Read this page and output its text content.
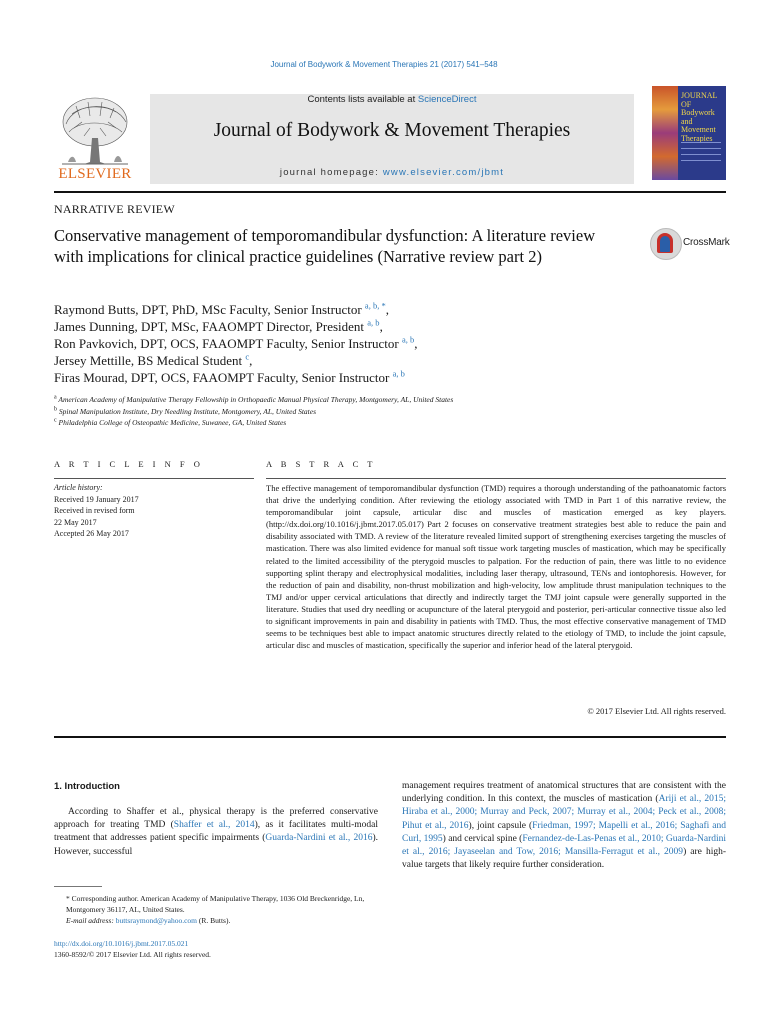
Journal of Bodywork & Movement Therapies 21 (2017) 541–548
ELSEVIER
Contents lists available at ScienceDirect
Journal of Bodywork & Movement Therapies
journal homepage: www.elsevier.com/jbmt
JOURNAL OF Bodywork and Movement Therapies
NARRATIVE REVIEW
Conservative management of temporomandibular dysfunction: A literature review with implications for clinical practice guidelines (Narrative review part 2)
CrossMark
Raymond Butts, DPT, PhD, MSc Faculty, Senior Instructor $^{a, b, *}$,
James Dunning, DPT, MSc, FAAOMPT Director, President $^{a, b}$,
Ron Pavkovich, DPT, OCS, FAAOMPT Faculty, Senior Instructor $^{a, b}$,
Jersey Mettille, BS Medical Student $^c$,
Firas Mourad, DPT, OCS, FAAOMPT Faculty, Senior Instructor $^{a, b}$
$^a$ American Academy of Manipulative Therapy Fellowship in Orthopaedic Manual Physical Therapy, Montgomery, AL, United States
$^b$ Spinal Manipulation Institute, Dry Needling Institute, Montgomery, AL, United States
$^c$ Philadelphia College of Osteopathic Medicine, Suwanee, GA, United States
A R T I C L E I N F O	A B S T R A C T
Article history:
Received 19 January 2017
Received in revised form
22 May 2017
Accepted 26 May 2017
The effective management of temporomandibular dysfunction (TMD) requires a thorough understanding of the pathoanatomic factors that drive the underlying condition. After reviewing the etiology associated with TMD in Part 1 of this narrative review, the temporomandibular joint capsule, articular disc and muscles of mastication emerged as key players. (http://dx.doi.org/10.1016/j.jbmt.2017.05.017) Part 2 focuses on conservative treatment strategies best able to reduce the pain and disability associated with TMD. A review of the literature revealed limited support of strengthening exercises targeting the muscles of mastication. There was also limited evidence for manual soft tissue work targeting muscles of mastication, which may be specifically related to the limited accessibility of the pterygoid muscles to palpation. For the reduction of pain, there was little to no evidence supporting splint therapy and electrophysical modalities, including laser therapy, ultrasound, TENs and iontophoresis. However, for the reduction of pain and disability, non-thrust mobilization and high-velocity, low amplitude thrust manipulation techniques to the TMJ and/or upper cervical articulations that directly and indirectly target the TMJ joint capsule were generally supported in the literature. Studies that used dry needling or acupuncture of the lateral pterygoid and posterior, peri-articular connective tissue also led to significant improvements in pain and disability in patients with TMD. Thus, the most effective conservative management of TMD seems to be techniques best able to impact anatomic structures directly related to the etiology of TMD, to include the joint capsule, articular disc and muscles of mastication, specifically the superior and inferior head of the lateral pterygoid.
© 2017 Elsevier Ltd. All rights reserved.
1. Introduction

According to Shaffer et al., physical therapy is the preferred conservative approach for treating TMD (Shaffer et al., 2014), as it facilitates multi-modal treatment that addresses patient specific impairments (Guarda-Nardini et al., 2016). However, successful

management requires treatment of anatomical structures that are consistent with the underlying condition. In this context, the muscles of mastication (Ariji et al., 2015; Hiraba et al., 2000; Murray and Peck, 2007; Murray et al., 2004; Peck et al., 2008; Pihut et al., 2016), joint capsule (Friedman, 1997; Mapelli et al., 2016; Saghafi and Curl, 1995) and cervical spine (Fernandez-de-Las-Penas et al., 2010; Guarda-Nardini et al., 2016; Jayaseelan and Tow, 2016; Mansilla-Ferragut et al., 2009) are high-value targets that likely require further consideration.

* Corresponding author. American Academy of Manipulative Therapy, 1036 Old Breckenridge, Ln, Montgomery 36117, AL, United States.
E-mail address: buttsraymond@yahoo.com (R. Butts).
http://dx.doi.org/10.1016/j.jbmt.2017.05.021
1360-8592/© 2017 Elsevier Ltd. All rights reserved.
